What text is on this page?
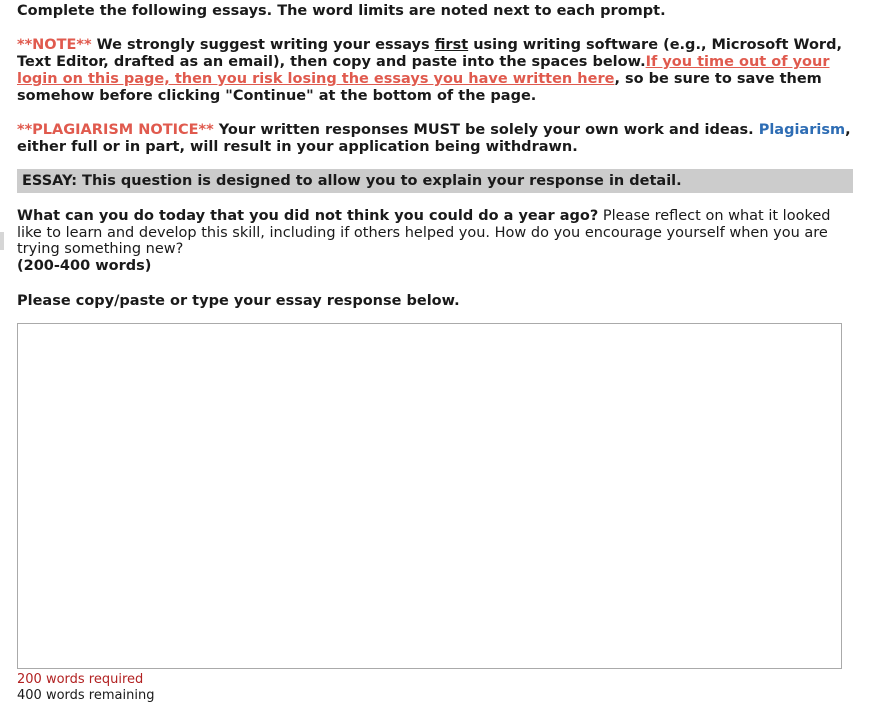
Complete the following essays. The word limits are noted next to each prompt.

**NOTE** We strongly suggest writing your essays first using writing software (e.g., Microsoft Word, Text Editor, drafted as an email), then copy and paste into the spaces below.If you time out of your login on this page, then you risk losing the essays you have written here, so be sure to save them somehow before clicking "Continue" at the bottom of the page.

**PLAGIARISM NOTICE** Your written responses MUST be solely your own work and ideas. Plagiarism, either full or in part, will result in your application being withdrawn.

ESSAY: This question is designed to allow you to explain your response in detail.
What can you do today that you did not think you could do a year ago? Please reflect on what it looked like to learn and develop this skill, including if others helped you. How do you encourage yourself when you are trying something new?
(200-400 words)
Please copy/paste or type your essay response below.
200 words required
400 words remaining
